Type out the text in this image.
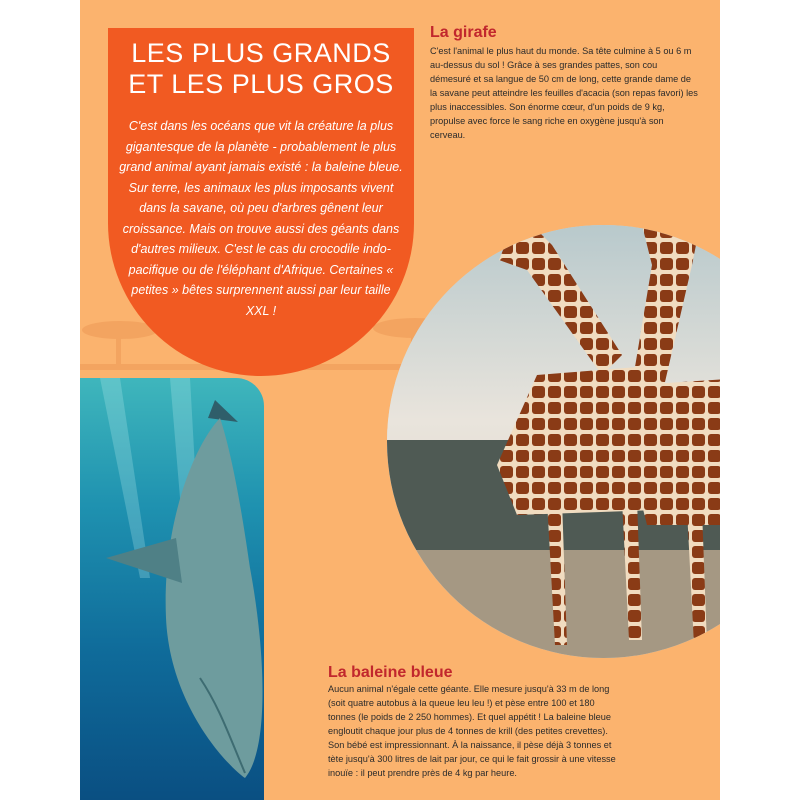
LES PLUS GRANDS
ET LES PLUS GROS

C'est dans les océans que vit la créature la plus gigantesque de la planète - probablement le plus grand animal ayant jamais existé : la baleine bleue. Sur terre, les animaux les plus imposants vivent dans la savane, où peu d'arbres gênent leur croissance. Mais on trouve aussi des géants dans d'autres milieux. C'est le cas du crocodile indo-pacifique ou de l'éléphant d'Afrique. Certaines « petites » bêtes surprennent aussi par leur taille XXL !

La girafe

C'est l'animal le plus haut du monde. Sa tête culmine à 5 ou 6 m au-dessus du sol ! Grâce à ses grandes pattes, son cou démesuré et sa langue de 50 cm de long, cette grande dame de la savane peut atteindre les feuilles d'acacia (son repas favori) les plus inaccessibles. Son énorme cœur, d'un poids de 9 kg, propulse avec force le sang riche en oxygène jusqu'à son cerveau.

La baleine bleue

Aucun animal n'égale cette géante. Elle mesure jusqu'à 33 m de long (soit quatre autobus à la queue leu leu !) et pèse entre 100 et 180 tonnes (le poids de 2 250 hommes). Et quel appétit ! La baleine bleue engloutit chaque jour plus de 4 tonnes de krill (des petites crevettes). Son bébé est impressionnant. À la naissance, il pèse déjà 3 tonnes et tète jusqu'à 300 litres de lait par jour, ce qui le fait grossir à une vitesse inouïe : il peut prendre près de 4 kg par heure.
